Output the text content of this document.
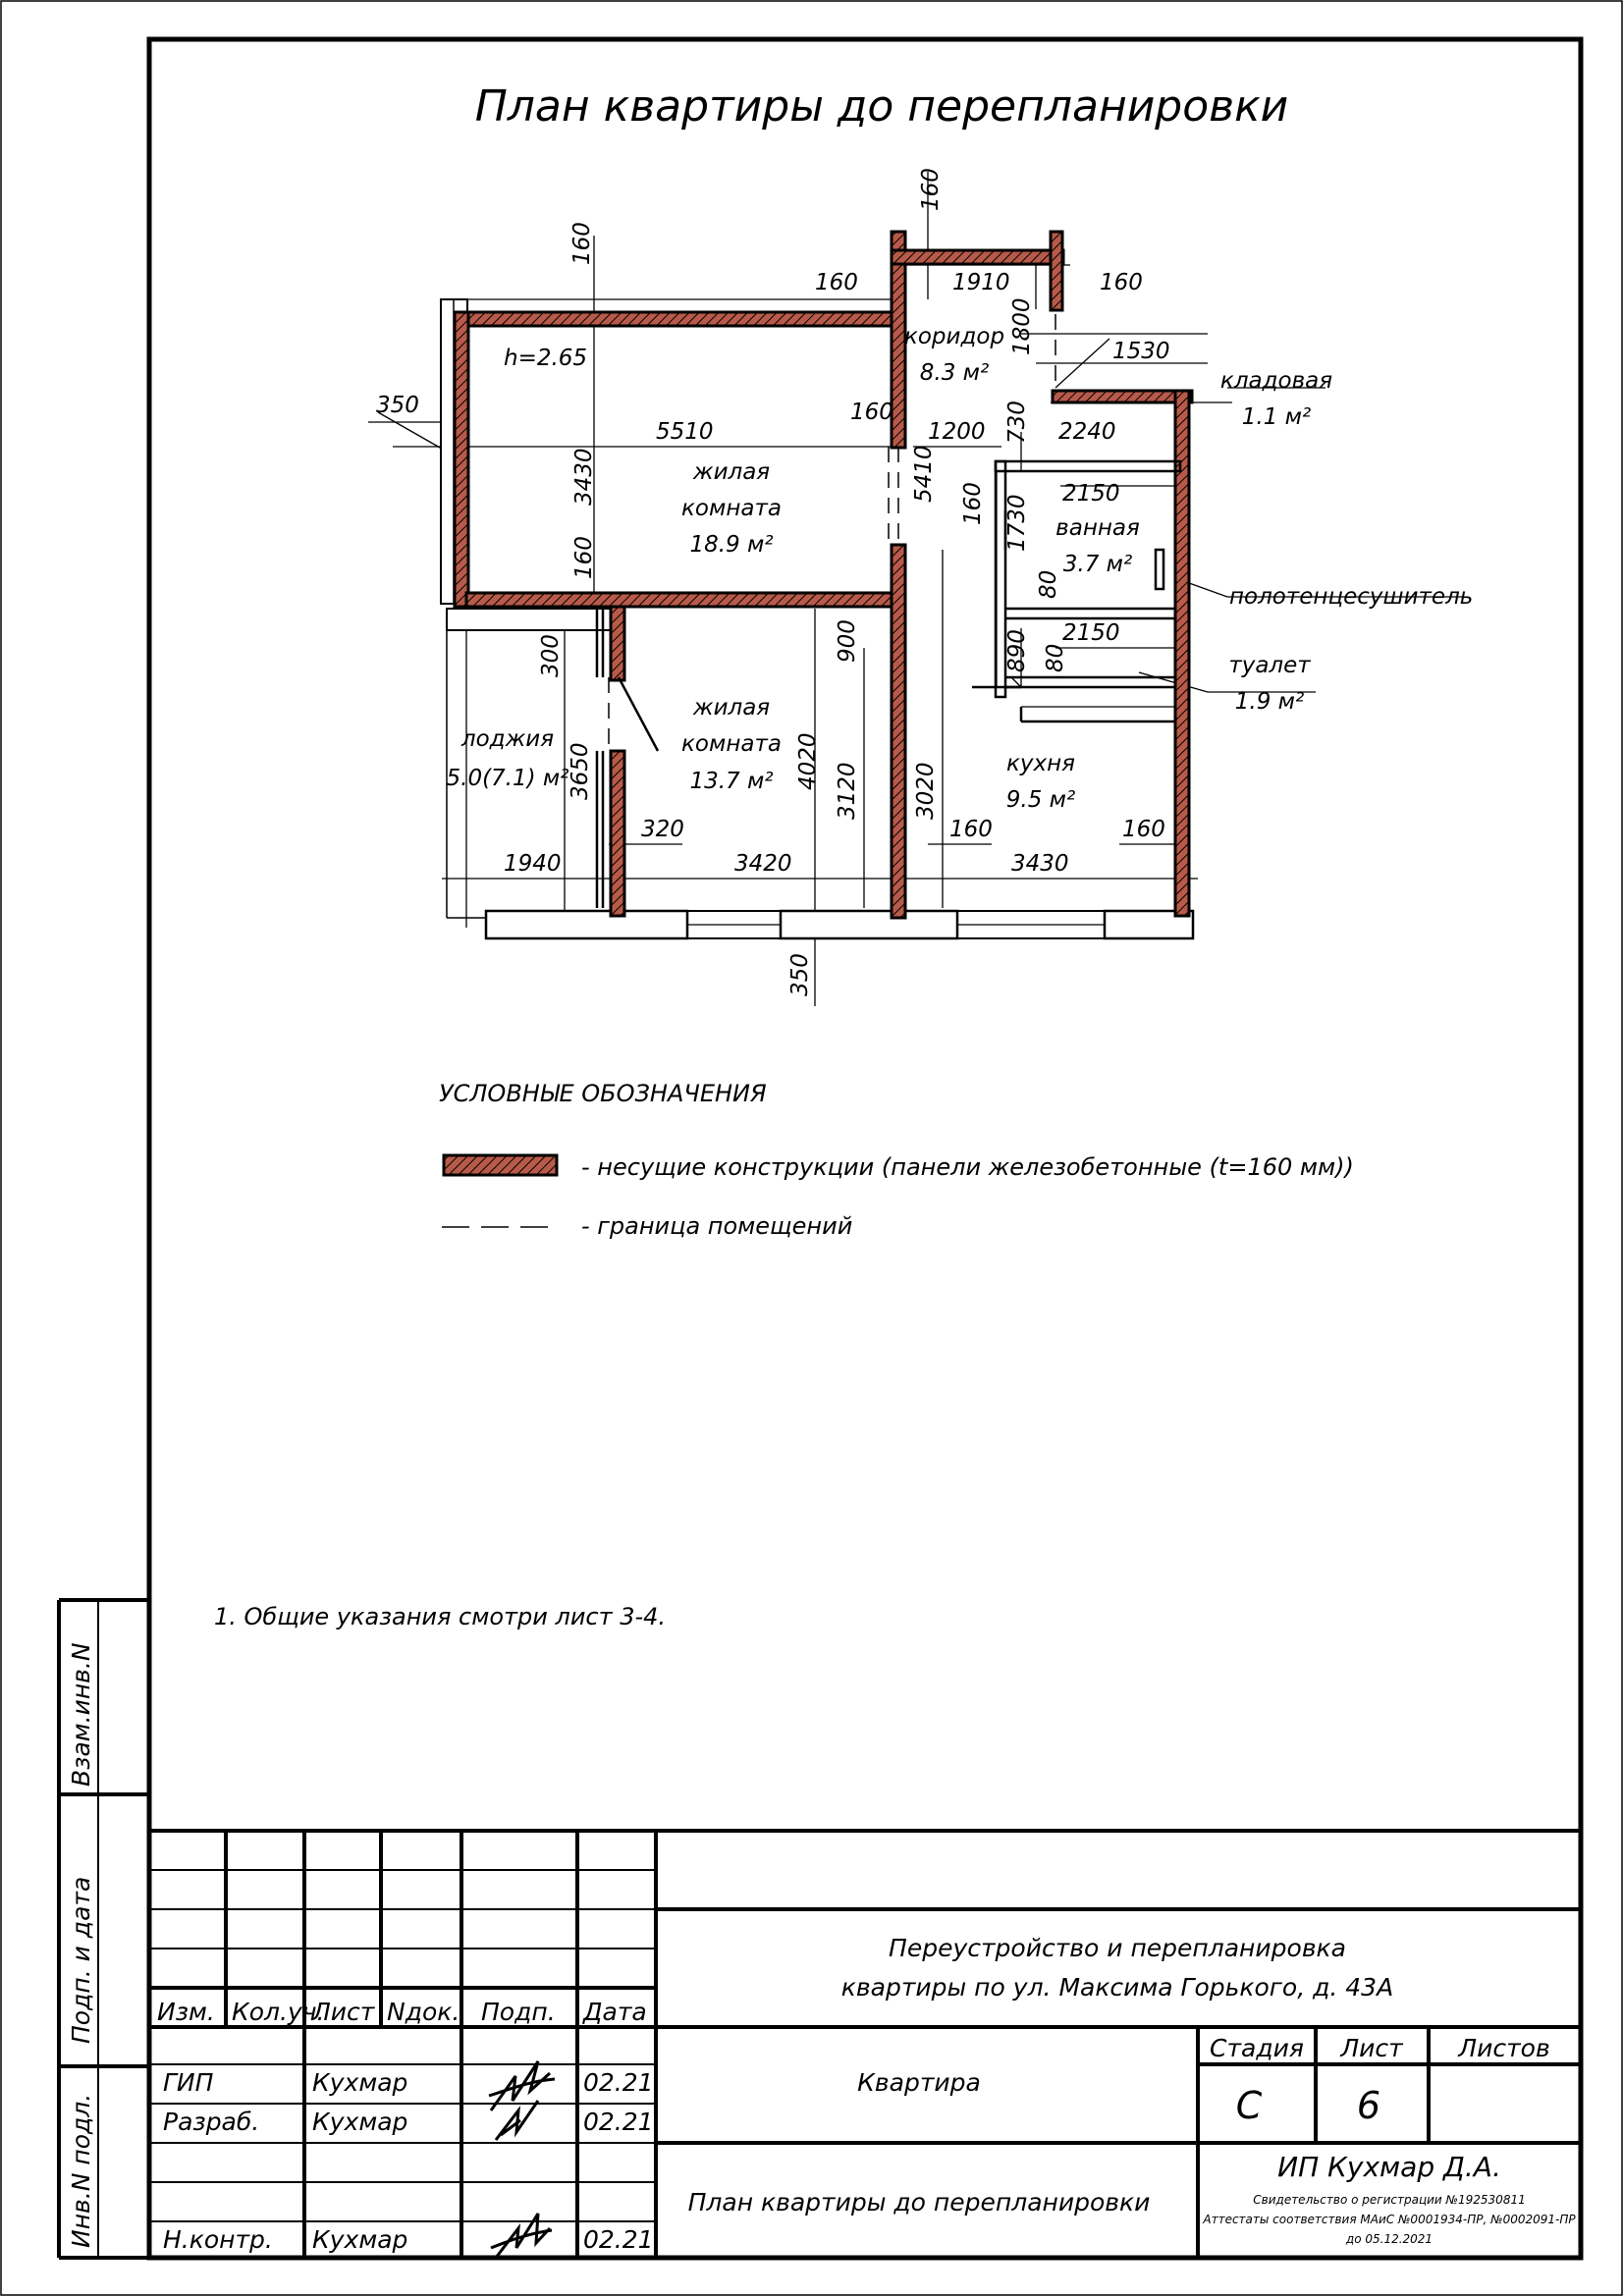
План квартиры до перепланировки
h=2.65
жилая
комната
18.9 м²
жилая
комната
13.7 м²
коридор
8.3 м²	кладовая
1.1 м²
ванная
3.7 м²
полотенцесушитель
туалет
1.9 м²
лоджия
5.0(7.1) м²
кухня
9.5 м²
160
160	1910	160
160
1800	1530
350
5510
160
1200 730 2240
3430	5410	2150
160 1730
80
160
890 80
2150
300	900
3650	4020
3120 3020
320	160	160
1940	3420	3430
350
УСЛОВНЫЕ ОБОЗНАЧЕНИЯ
- несущие конструкции (панели железобетонные (t=160 мм))
- граница помещений
1. Общие указания смотри лист 3-4.
Взам.инв.N
Подп. и дата
Инв.N подл.
Изм. Кол.уч.
Лист Nдок. Подп. Дата
ГИП	Кухмар	02.21
Разраб. Кухмар	02.21
Н.контр. Кухмар	02.21
Переустройство и перепланировка
квартиры по ул. Максима Горького, д. 43А
Квартира
План квартиры до перепланировки
Стадия Лист Листов
С	6
ИП Кухмар Д.А.
Свидетельство о регистрации №192530811
Аттестаты соответствия МАиС №0001934-ПР, №0002091-ПР
до 05.12.2021
